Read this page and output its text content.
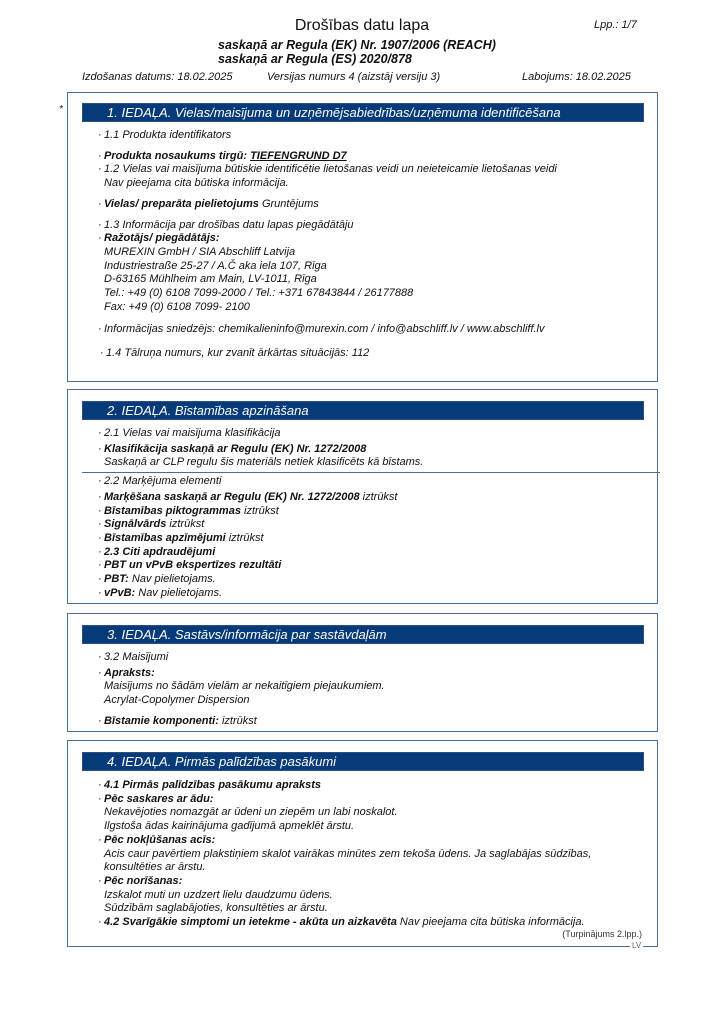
Drošības datu lapa	Lpp.: 1/7
saskaņā ar Regula (EK) Nr. 1907/2006 (REACH)
saskaņā ar Regula (ES) 2020/878
Izdošanas datums: 18.02.2025	Versijas numurs 4 (aizstāj versiju 3)	Labojums: 18.02.2025
*	1. IEDAĻA. Vielas/maisījuma un uzņēmējsabiedrības/uzņēmuma identificēšana
· 1.1 Produkta identifikators
· Produkta nosaukums tirgū: TIEFENGRUND D7
· 1.2 Vielas vai maisījuma būtiskie identificētie lietošanas veidi un neieteicamie lietošanas veidi
Nav pieejama cita būtiska informācija.
· Vielas/ preparāta pielietojums Gruntējums
· 1.3 Informācija par drošības datu lapas piegādātāju
· Ražotājs/ piegādātājs:
MUREXIN GmbH / SIA Abschliff Latvija
Industriestraße 25-27 / A.Č aka iela 107, Rīga
D-63165 Mühlheim am Main, LV-1011, Rīga
Tel.: +49 (0) 6108 7099-2000 / Tel.: +371 67843844 / 26177888
Fax: +49 (0) 6108 7099- 2100
· Informācijas sniedzējs: chemikalieninfo@murexin.com / info@abschliff.lv / www.abschliff.lv
· 1.4 Tālruņa numurs, kur zvanīt ārkārtas situācijās: 112
2. IEDAĻA. Bīstamības apzināšana
· 2.1 Vielas vai maisījuma klasifikācija
· Klasifikācija saskaņā ar Regulu (EK) Nr. 1272/2008
Saskaņā ar CLP regulu šis materiāls netiek klasificēts kā bīstams.
· 2.2 Marķējuma elementi
· Marķēšana saskaņā ar Regulu (EK) Nr. 1272/2008 iztrūkst
· Bīstamības piktogrammas iztrūkst
· Signālvārds iztrūkst
· Bīstamības apzīmējumi iztrūkst
· 2.3 Citi apdraudējumi
· PBT un vPvB ekspertīzes rezultāti
· PBT: Nav pielietojams.
· vPvB: Nav pielietojams.
3. IEDAĻA. Sastāvs/informācija par sastāvdaļām
· 3.2 Maisījumi
· Apraksts:
Maisījums no šādām vielām ar nekaitīgiem piejaukumiem.
Acrylat-Copolymer Dispersion
· Bīstamie komponenti: iztrūkst
4. IEDAĻA. Pirmās palīdzības pasākumi
· 4.1 Pirmās palīdzības pasākumu apraksts
· Pēc saskares ar ādu:
Nekavējoties nomazgāt ar ūdeni un ziepēm un labi noskalot.
Ilgstoša ādas kairinājuma gadījumā apmeklēt ārstu.
· Pēc nokļūšanas acīs:
Acis caur pavērtiem plakstiņiem skalot vairākas minūtes zem tekoša ūdens. Ja saglabājas sūdzības,
konsultēties ar ārstu.
· Pēc norīšanas:
Izskalot muti un uzdzert lielu daudzumu ūdens.
Sūdzībām saglabājoties, konsultēties ar ārstu.
· 4.2 Svarīgākie simptomi un ietekme - akūta un aizkavēta Nav pieejama cita būtiska informācija.
(Turpinājums 2.lpp.)
LV
